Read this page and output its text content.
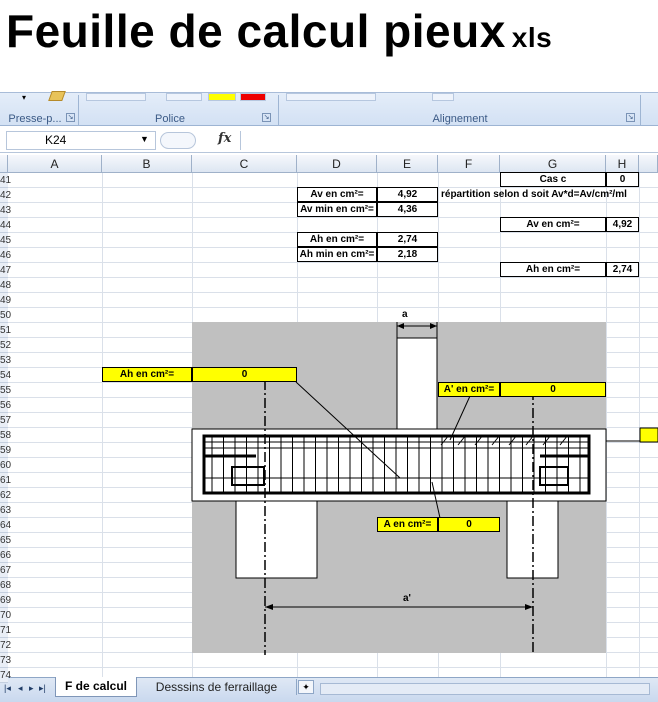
Feuille de calcul pieux xls
▾
Presse-p... ↘	Police	↘	Alignement	↘
K24	▼	fx
A	B	C	D	E	F	G	H
Cas c	0
Av en cm²=	4,92	répartition selon d soit Av*d=Av/cm²/ml
Av min en cm²=	4,36
Av en cm²=	4,92
Ah en cm²=	2,74
Ah min en cm²=	2,18
Ah en cm²=	2,74
a
a'
Ah en cm²=	0
A' en cm²=	0
A en cm²=	0
|◂ ◂ ▸ ▸|	F de calcul	Desssins de ferraillage	✦
41
42
43
44
45
46
47
48
49
50
51
52
53
54
55
56
57
58
59
60
61
62
63
64
65
66
67
68
69
70
71
72
73
74
